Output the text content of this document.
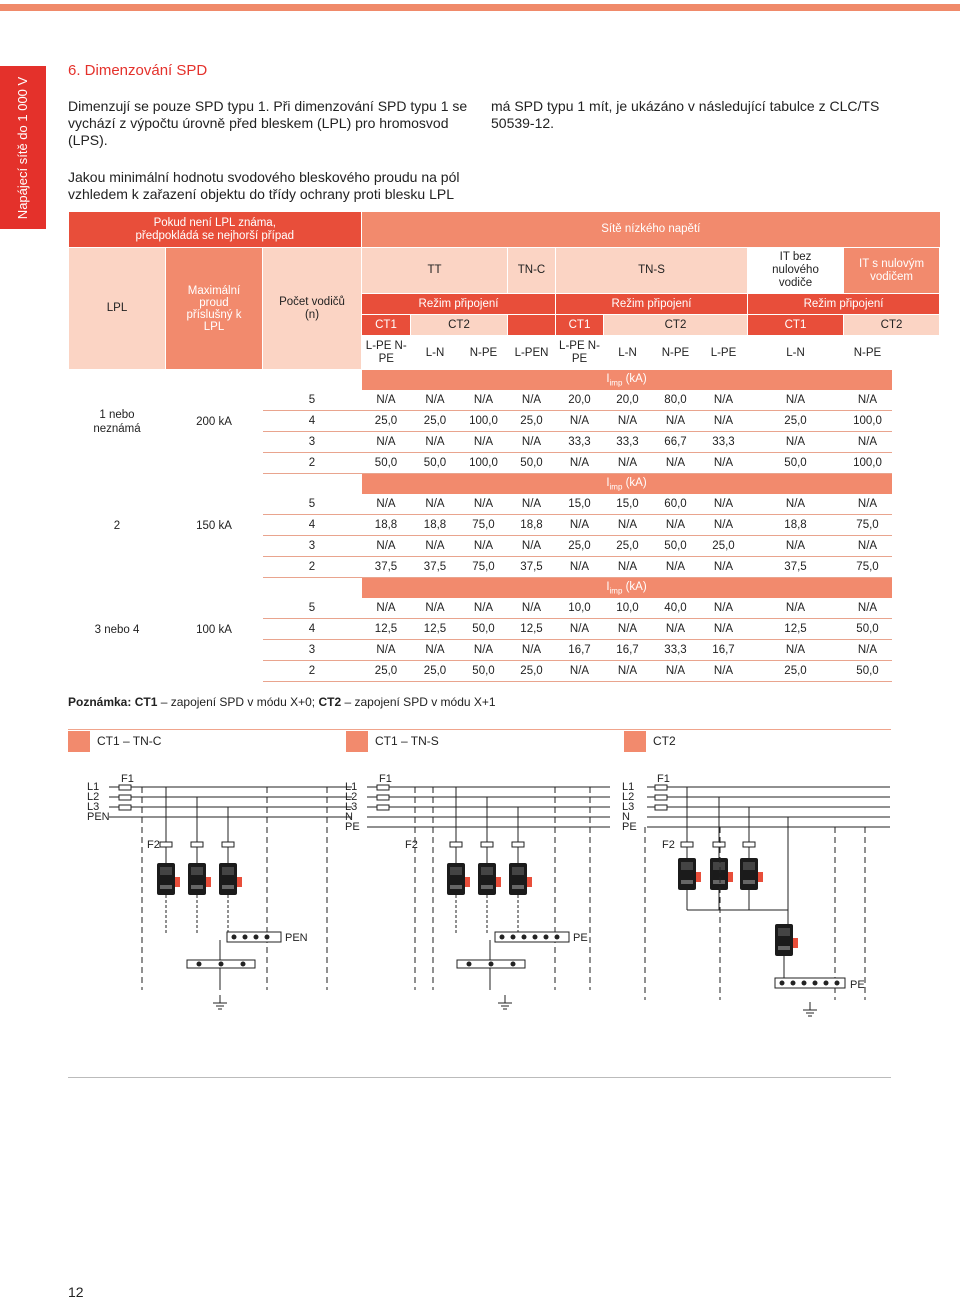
Napájecí sítě do 1 000 V
6. Dimenzování SPD
Dimenzují se pouze SPD typu 1. Při dimenzování SPD typu 1 se vychází z výpočtu úrovně před bleskem (LPL) pro hromosvod (LPS).
má SPD typu 1 mít, je ukázáno v následující tabulce z CLC/TS 50539-12.
Jakou minimální hodnotu svodového bleskového proudu na pól vzhledem k zařazení objektu do třídy ochrany proti blesku LPL
Pokud není LPL známa, předpokládá se nejhorší případ			Sítě nízkého napětí									
LPL	Maximální proud příslušný k LPL	Počet vodičů (n)	TT			TN-C	TN-S				IT bez nulového vodiče	IT s nulovým vodičem
			Režim připojení				Režim připojení				Režim připojení	
			CT1	CT2			CT1	CT2			CT1	CT2
			L-PE N-PE	L-N	N-PE	L-PEN	L-PE N-PE	L-N	N-PE	L-PE	L-N	N-PE
1 nebo neznámá	200 kA		$I_{imp}$ (kA)									
		5	N/A	N/A	N/A	N/A	20,0	20,0	80,0	N/A	N/A	N/A
		4	25,0	25,0	100,0	25,0	N/A	N/A	N/A	N/A	25,0	100,0
		3	N/A	N/A	N/A	N/A	33,3	33,3	66,7	33,3	N/A	N/A
		2	50,0	50,0	100,0	50,0	N/A	N/A	N/A	N/A	50,0	100,0
2	150 kA		$I_{imp}$ (kA)									
		5	N/A	N/A	N/A	N/A	15,0	15,0	60,0	N/A	N/A	N/A
		4	18,8	18,8	75,0	18,8	N/A	N/A	N/A	N/A	18,8	75,0
		3	N/A	N/A	N/A	N/A	25,0	25,0	50,0	25,0	N/A	N/A
		2	37,5	37,5	75,0	37,5	N/A	N/A	N/A	N/A	37,5	75,0
3 nebo 4	100 kA		$I_{imp}$ (kA)									
		5	N/A	N/A	N/A	N/A	10,0	10,0	40,0	N/A	N/A	N/A
		4	12,5	12,5	50,0	12,5	N/A	N/A	N/A	N/A	12,5	50,0
		3	N/A	N/A	N/A	N/A	16,7	16,7	33,3	16,7	N/A	N/A
		2	25,0	25,0	50,0	25,0	N/A	N/A	N/A	N/A	25,0	50,0
Poznámka: CT1 – zapojení SPD v módu X+0; CT2 – zapojení SPD v módu X+1
CT1 – TN-C	CT1 – TN-S	CT2
L1
L2
L3
PEN
F1
F2
PEN
L1
L2
L3
N
PE
F1
F2
PE
L1
L2
L3
N
PE
F1
F2
PE
12
